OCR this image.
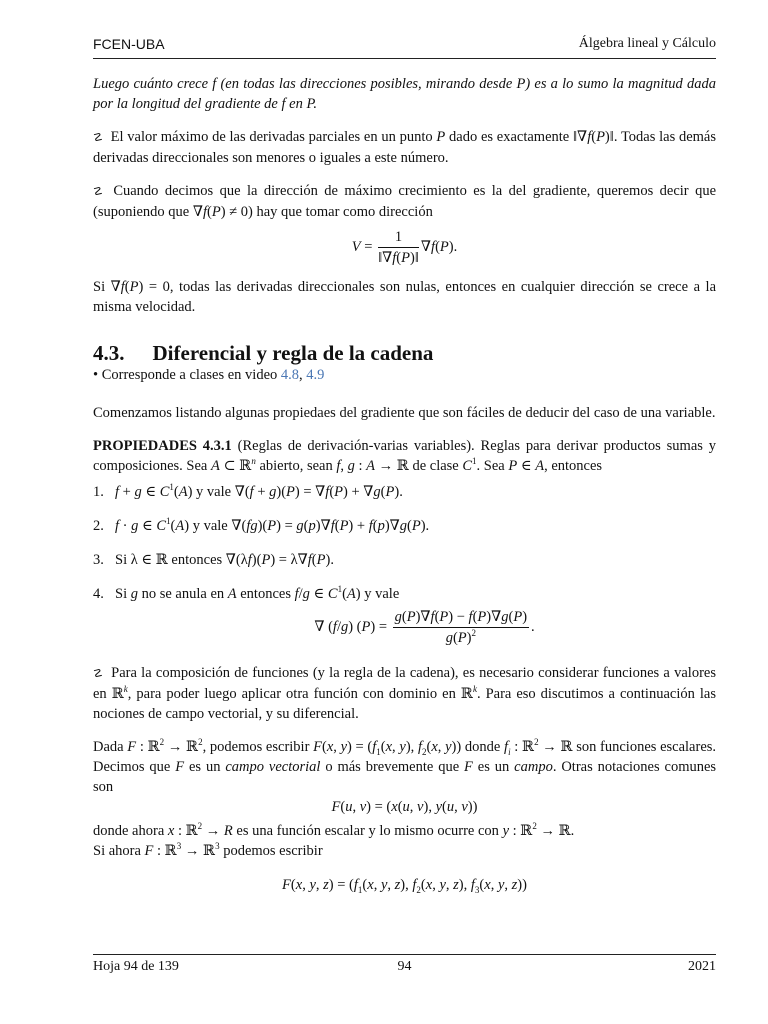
FCEN-UBA	Álgebra lineal y Cálculo

Luego cuánto crece f (en todas las direcciones posibles, mirando desde P) es a lo sumo la magnitud dada por la longitud del gradiente de f en P.

☡ El valor máximo de las derivadas parciales en un punto P dado es exactamente ‖∇f(P)‖. Todas las demás derivadas direccionales son menores o iguales a este número.

☡ Cuando decimos que la dirección de máximo crecimiento es la del gradiente, queremos decir que (suponiendo que ∇f(P) ≠ 0) hay que tomar como dirección

$V = \frac{1}{‖\nabla f(P)‖} \nabla f(P)$.

Si ∇f(P) = 0, todas las derivadas direccionales son nulas, entonces en cualquier dirección se crece a la misma velocidad.

4.3. Diferencial y regla de la cadena
• Corresponde a clases en video 4.8, 4.9

Comenzamos listando algunas propiedaes del gradiente que son fáciles de deducir del caso de una variable.

PROPIEDADES 4.3.1 (Reglas de derivación-varias variables). Reglas para derivar productos sumas y composiciones. Sea A ⊂ ℝ$^n$ abierto, sean f, g : A → ℝ de clase $C^1$. Sea P ∈ A, entonces

1. f + g ∈ $C^1(A)$ y vale ∇(f + g)(P) = ∇f(P) + ∇g(P).
2. f · g ∈ $C^1(A)$ y vale ∇(fg)(P) = g(p)∇f(P) + f(p)∇g(P).
3. Si λ ∈ ℝ entonces ∇(λf)(P) = λ∇f(P).
4. Si g no se anula en A entonces f/g ∈ $C^1(A)$ y vale
∇ (f/g) $(P) = \frac{g(P)\nabla f(P) - f(P)\nabla g(P)}{g(P)^2}$ .

☡ Para la composición de funciones (y la regla de la cadena), es necesario considerar funciones a valores en ℝ$^k$, para poder luego aplicar otra función con dominio en ℝ$^k$. Para eso discutimos a continuación las nociones de campo vectorial, y su diferencial.

Dada F : ℝ$^2$ → ℝ$^2$, podemos escribir F(x, $y) = (f_1(x$, y), $f_2(x$, y)) donde $f_i$ : ℝ$^2$ → ℝ son funciones escalares. Decimos que F es un campo vectorial o más brevemente que F es un campo. Otras notaciones comunes son

F(u, v) = (x(u, v), y(u, v))

donde ahora x : ℝ$^2$ → R es una función escalar y lo mismo ocurre con y : ℝ$^2$ → ℝ.

Si ahora F : ℝ$^3$ → ℝ$^3$ podemos escribir

F(x, y, $z) = (f_1(x$, y, z), $f_2(x$, y, z), $f_3(x$, y, z))
Hoja 94 de 139	94	2021
